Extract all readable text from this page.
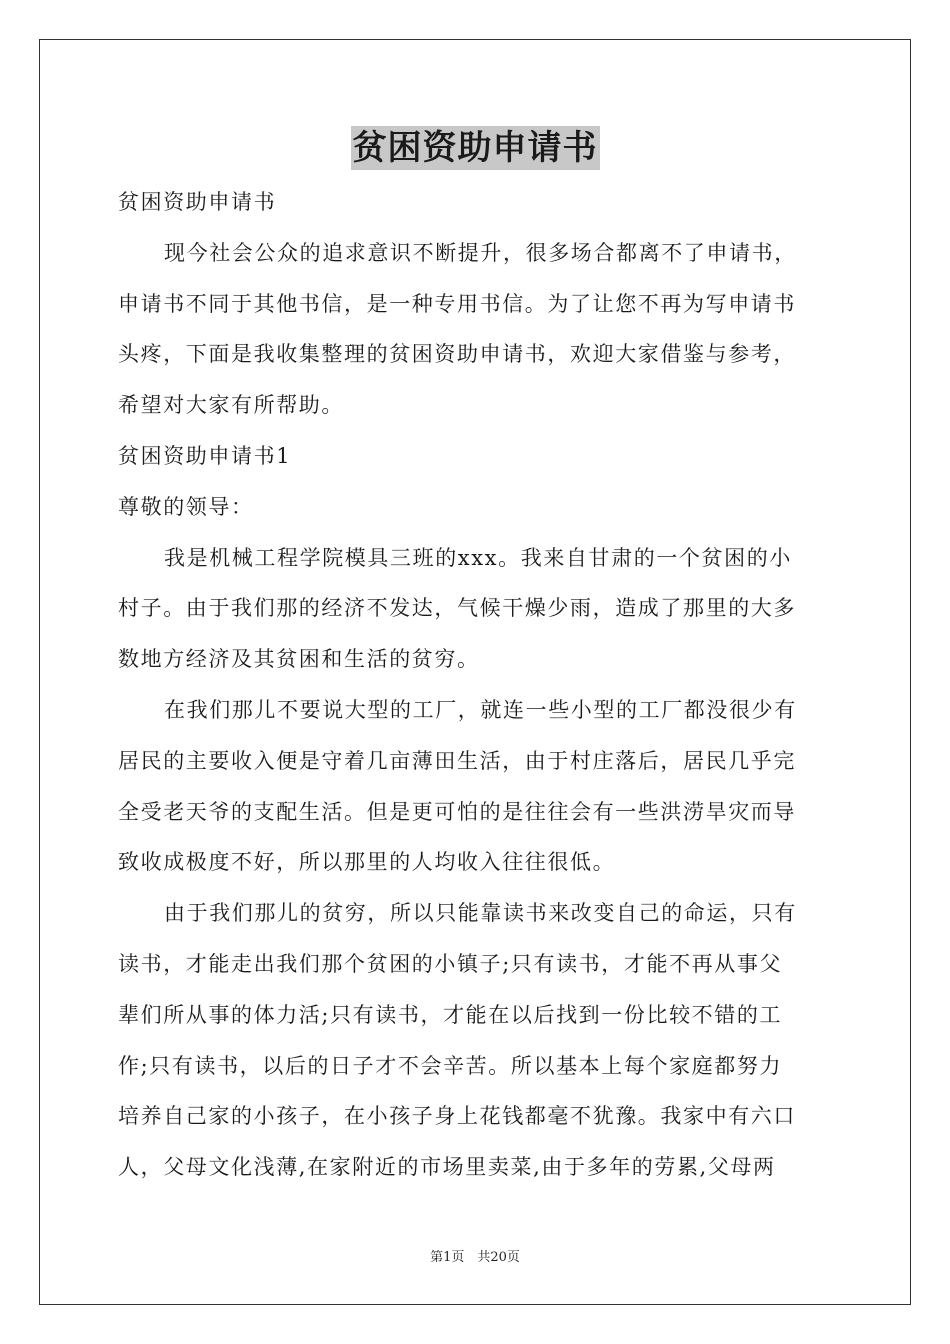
贫困资助申请书
贫困资助申请书
现今社会公众的追求意识不断提升，很多场合都离不了申请书，
申请书不同于其他书信，是一种专用书信。为了让您不再为写申请书
头疼，下面是我收集整理的贫困资助申请书，欢迎大家借鉴与参考，
希望对大家有所帮助。
贫困资助申请书1
尊敬的领导：
我是机械工程学院模具三班的xxx。我来自甘肃的一个贫困的小
村子。由于我们那的经济不发达，气候干燥少雨，造成了那里的大多
数地方经济及其贫困和生活的贫穷。
在我们那儿不要说大型的工厂，就连一些小型的工厂都没很少有
居民的主要收入便是守着几亩薄田生活，由于村庄落后，居民几乎完
全受老天爷的支配生活。但是更可怕的是往往会有一些洪涝旱灾而导
致收成极度不好，所以那里的人均收入往往很低。
由于我们那儿的贫穷，所以只能靠读书来改变自己的命运，只有
读书，才能走出我们那个贫困的小镇子;只有读书，才能不再从事父
辈们所从事的体力活;只有读书，才能在以后找到一份比较不错的工
作;只有读书，以后的日子才不会辛苦。所以基本上每个家庭都努力
培养自己家的小孩子，在小孩子身上花钱都毫不犹豫。我家中有六口
人，父母文化浅薄,在家附近的市场里卖菜,由于多年的劳累,父母两
第1页　共20页
